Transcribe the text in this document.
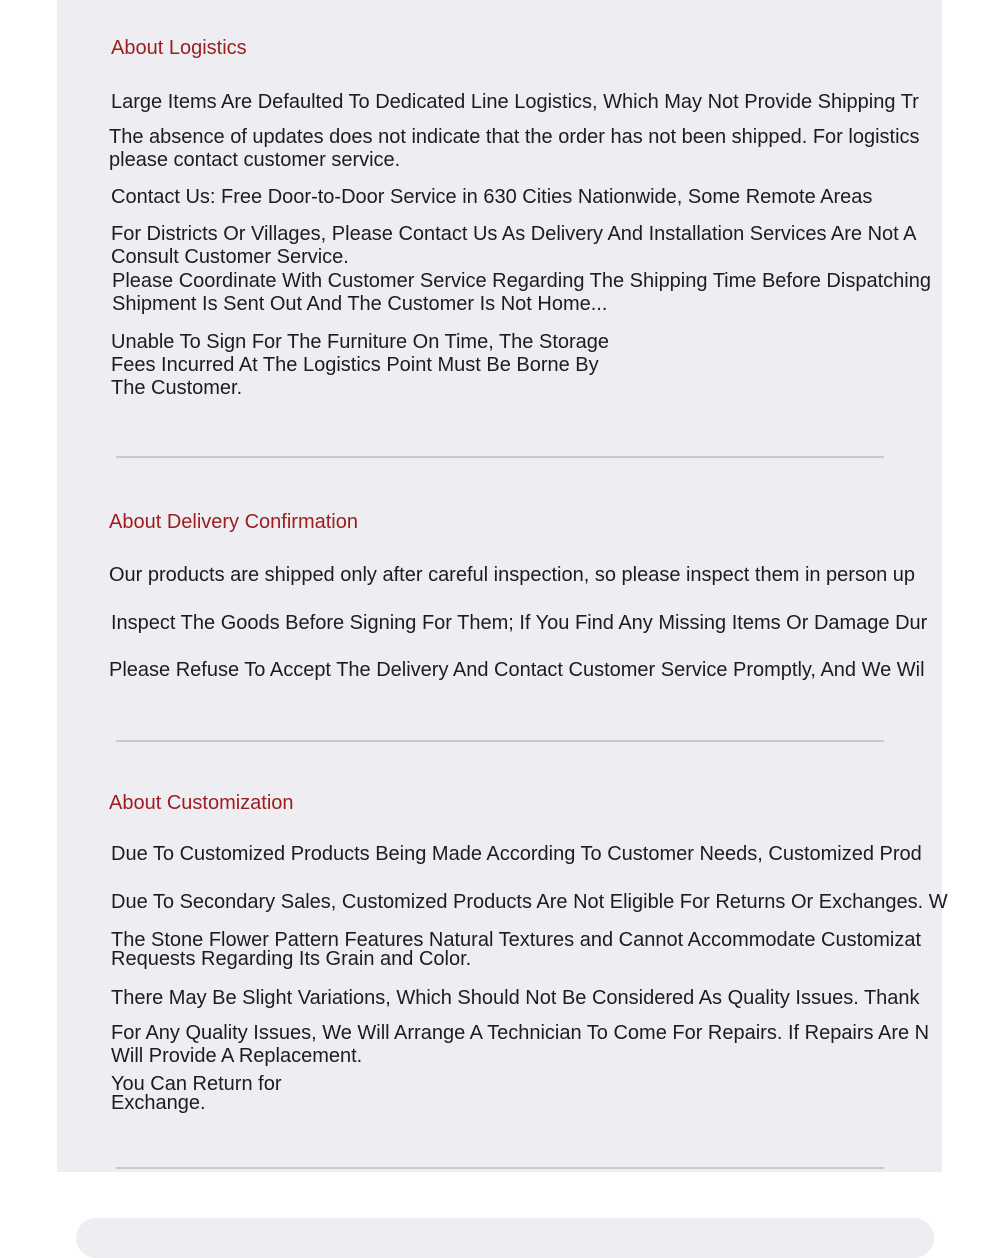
About Logistics

Large Items Are Defaulted To Dedicated Line Logistics, Which May Not Provide Shipping Tr

The absence of updates does not indicate that the order has not been shipped. For logistics

please contact customer service.

Contact Us: Free Door-to-Door Service in 630 Cities Nationwide, Some Remote Areas

For Districts Or Villages, Please Contact Us As Delivery And Installation Services Are Not A

Consult Customer Service.

Please Coordinate With Customer Service Regarding The Shipping Time Before Dispatching

Shipment Is Sent Out And The Customer Is Not Home...

Unable To Sign For The Furniture On Time, The Storage

Fees Incurred At The Logistics Point Must Be Borne By

The Customer.

About Delivery Confirmation

Our products are shipped only after careful inspection, so please inspect them in person up

Inspect The Goods Before Signing For Them; If You Find Any Missing Items Or Damage Dur

Please Refuse To Accept The Delivery And Contact Customer Service Promptly, And We Wil

About Customization

Due To Customized Products Being Made According To Customer Needs, Customized Prod

Due To Secondary Sales, Customized Products Are Not Eligible For Returns Or Exchanges. W

The Stone Flower Pattern Features Natural Textures and Cannot Accommodate Customizat

Requests Regarding Its Grain and Color.

There May Be Slight Variations, Which Should Not Be Considered As Quality Issues. Thank

For Any Quality Issues, We Will Arrange A Technician To Come For Repairs. If Repairs Are N

Will Provide A Replacement.

You Can Return for

Exchange.
